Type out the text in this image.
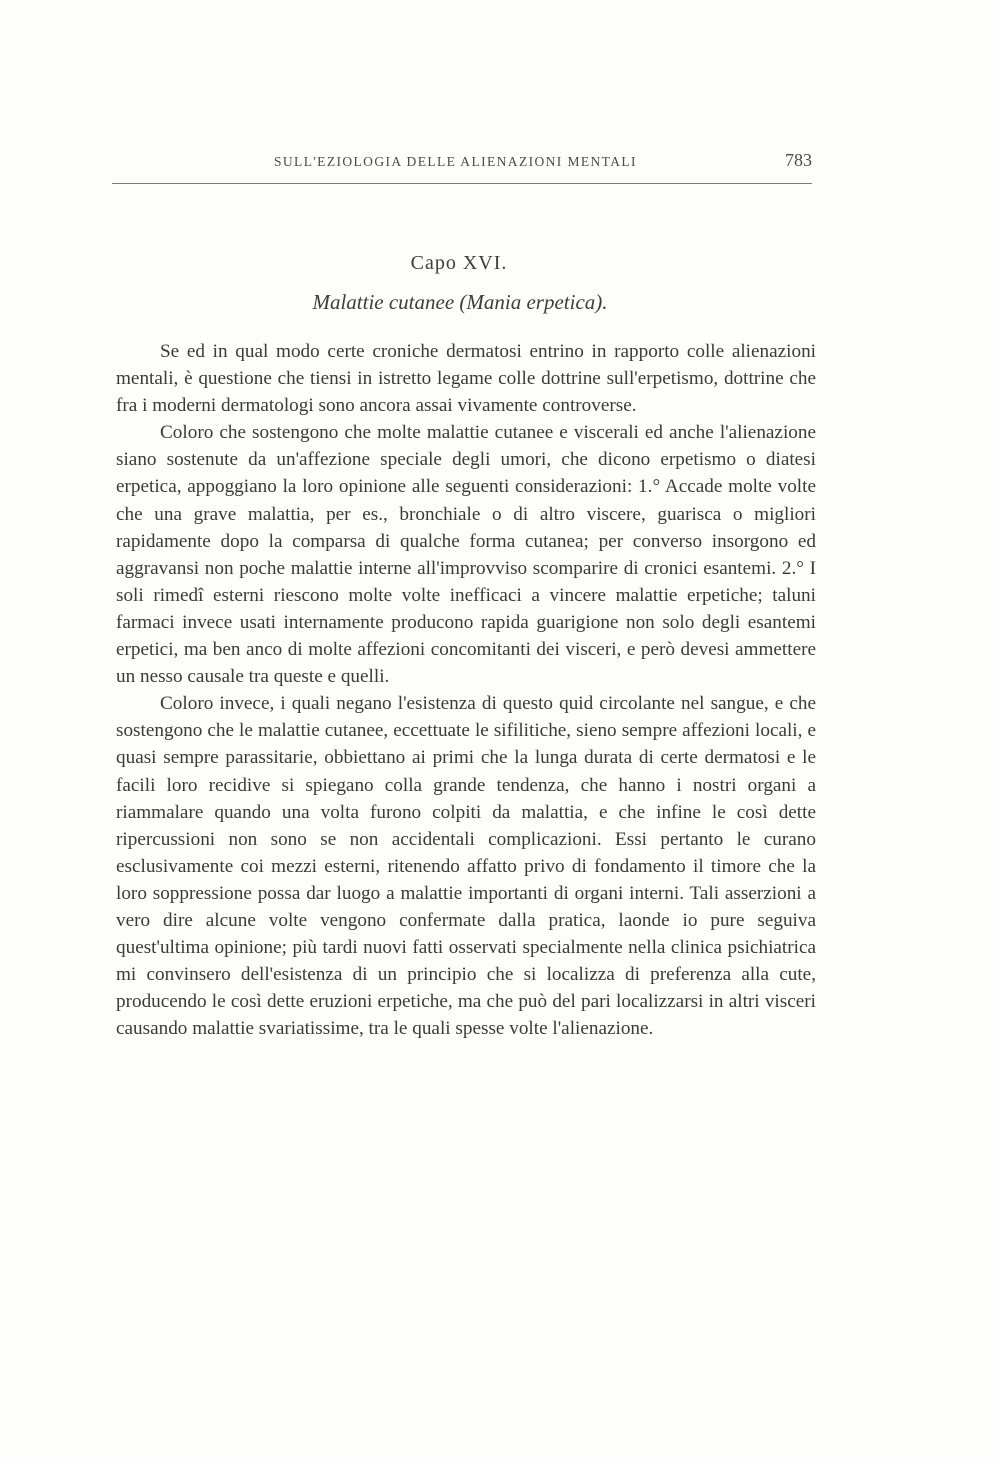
SULL'EZIOLOGIA DELLE ALIENAZIONI MENTALI	783
Capo XVI.
Malattie cutanee (Mania erpetica).

Se ed in qual modo certe croniche dermatosi entrino in rapporto colle alienazioni mentali, è questione che tiensi in istretto legame colle dottrine sull'erpetismo, dottrine che fra i moderni dermatologi sono ancora assai vivamente controverse.

Coloro che sostengono che molte malattie cutanee e viscerali ed anche l'alienazione siano sostenute da un'affezione speciale degli umori, che dicono erpetismo o diatesi erpetica, appoggiano la loro opinione alle seguenti considerazioni: 1.° Accade molte volte che una grave malattia, per es., bronchiale o di altro viscere, guarisca o migliori rapidamente dopo la comparsa di qualche forma cutanea; per converso insorgono ed aggravansi non poche malattie interne all'improvviso scomparire di cronici esantemi. 2.° I soli rimedî esterni riescono molte volte inefficaci a vincere malattie erpetiche; taluni farmaci invece usati internamente producono rapida guarigione non solo degli esantemi erpetici, ma ben anco di molte affezioni concomitanti dei visceri, e però devesi ammettere un nesso causale tra queste e quelli.

Coloro invece, i quali negano l'esistenza di questo quid circolante nel sangue, e che sostengono che le malattie cutanee, eccettuate le sifilitiche, sieno sempre affezioni locali, e quasi sempre parassitarie, obbiettano ai primi che la lunga durata di certe dermatosi e le facili loro recidive si spiegano colla grande tendenza, che hanno i nostri organi a riammalare quando una volta furono colpiti da malattia, e che infine le così dette ripercussioni non sono se non accidentali complicazioni. Essi pertanto le curano esclusivamente coi mezzi esterni, ritenendo affatto privo di fondamento il timore che la loro soppressione possa dar luogo a malattie importanti di organi interni. Tali asserzioni a vero dire alcune volte vengono confermate dalla pratica, laonde io pure seguiva quest'ultima opinione; più tardi nuovi fatti osservati specialmente nella clinica psichiatrica mi convinsero dell'esistenza di un principio che si localizza di preferenza alla cute, producendo le così dette eruzioni erpetiche, ma che può del pari localizzarsi in altri visceri causando malattie svariatissime, tra le quali spesse volte l'alienazione.
